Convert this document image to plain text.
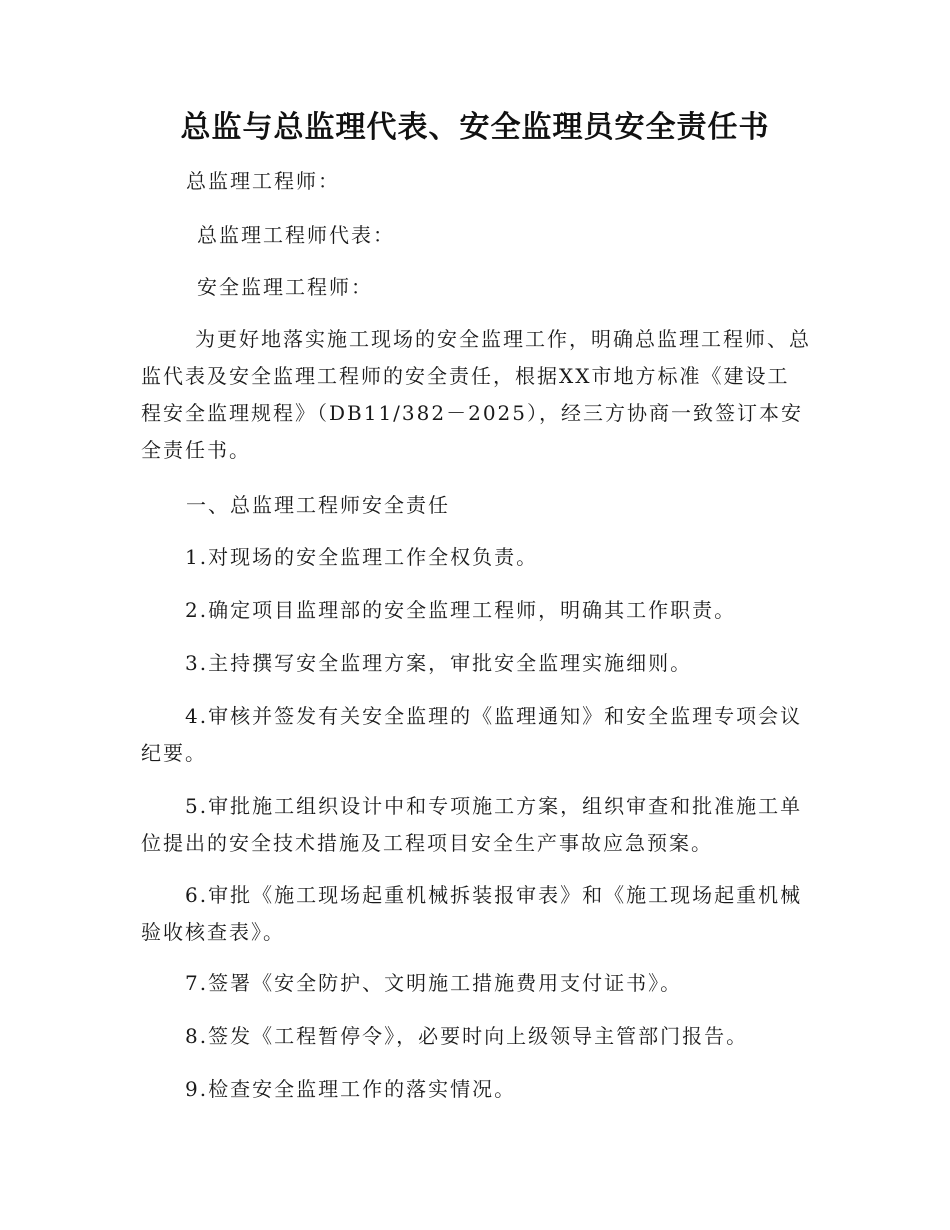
总监与总监理代表、安全监理员安全责任书
总监理工程师：
总监理工程师代表：
安全监理工程师：
为更好地落实施工现场的安全监理工作，明确总监理工程师、总监代表及安全监理工程师的安全责任，根据XX市地方标准《建设工程安全监理规程》（DB11/382－2025），经三方协商一致签订本安全责任书。
一、总监理工程师安全责任
1.对现场的安全监理工作全权负责。
2.确定项目监理部的安全监理工程师，明确其工作职责。
3.主持撰写安全监理方案，审批安全监理实施细则。
4.审核并签发有关安全监理的《监理通知》和安全监理专项会议纪要。
5.审批施工组织设计中和专项施工方案，组织审查和批准施工单位提出的安全技术措施及工程项目安全生产事故应急预案。
6.审批《施工现场起重机械拆装报审表》和《施工现场起重机械验收核查表》。
7.签署《安全防护、文明施工措施费用支付证书》。
8.签发《工程暂停令》，必要时向上级领导主管部门报告。
9.检查安全监理工作的落实情况。
